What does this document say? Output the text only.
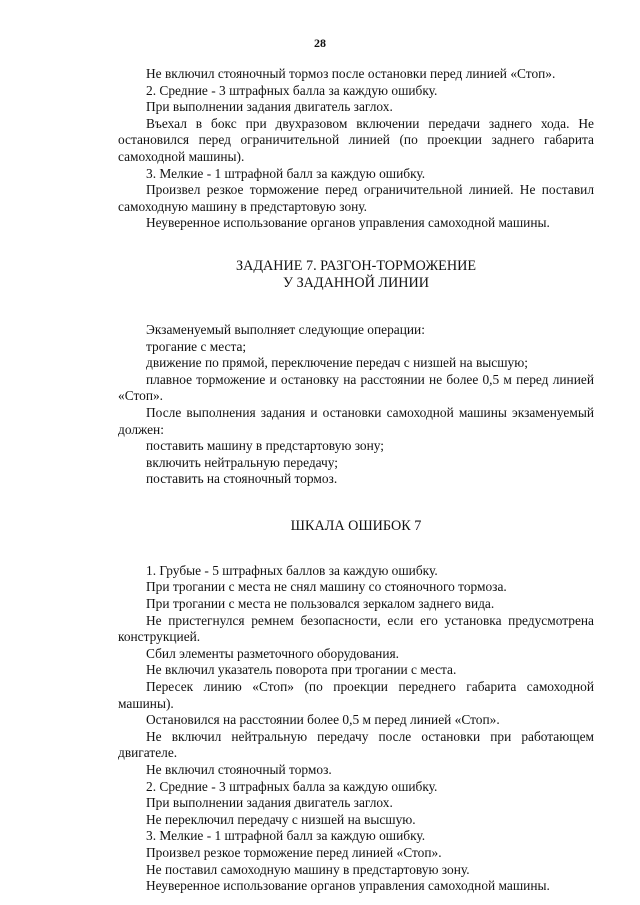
28

Не включил стояночный тормоз после остановки перед линией «Стоп».

2. Средние - 3 штрафных балла за каждую ошибку.

При выполнении задания двигатель заглох.

Въехал в бокс при двухразовом включении передачи заднего хода. Не остановился перед ограничительной линией (по проекции заднего габарита самоходной машины).

3. Мелкие - 1 штрафной балл за каждую ошибку.

Произвел резкое торможение перед ограничительной линией. Не поставил самоходную машину в предстартовую зону.

Неуверенное использование органов управления самоходной машины.

ЗАДАНИЕ 7. РАЗГОН-ТОРМОЖЕНИЕ

У ЗАДАННОЙ ЛИНИИ

Экзаменуемый выполняет следующие операции:

трогание с места;

движение по прямой, переключение передач с низшей на высшую;

плавное торможение и остановку на расстоянии не более 0,5 м перед линией «Стоп».

После выполнения задания и остановки самоходной машины экзаменуемый должен:

поставить машину в предстартовую зону;

включить нейтральную передачу;

поставить на стояночный тормоз.

ШКАЛА ОШИБОК 7

1. Грубые - 5 штрафных баллов за каждую ошибку.

При трогании с места не снял машину со стояночного тормоза.

При трогании с места не пользовался зеркалом заднего вида.

Не пристегнулся ремнем безопасности, если его установка предусмотрена конструкцией.

Сбил элементы разметочного оборудования.

Не включил указатель поворота при трогании с места.

Пересек линию «Стоп» (по проекции переднего габарита самоходной машины).

Остановился на расстоянии более 0,5 м перед линией «Стоп».

Не включил нейтральную передачу после остановки при работающем двигателе.

Не включил стояночный тормоз.

2. Средние - 3 штрафных балла за каждую ошибку.

При выполнении задания двигатель заглох.

Не переключил передачу с низшей на высшую.

3. Мелкие - 1 штрафной балл за каждую ошибку.

Произвел резкое торможение перед линией «Стоп».

Не поставил самоходную машину в предстартовую зону.

Неуверенное использование органов управления самоходной машины.
